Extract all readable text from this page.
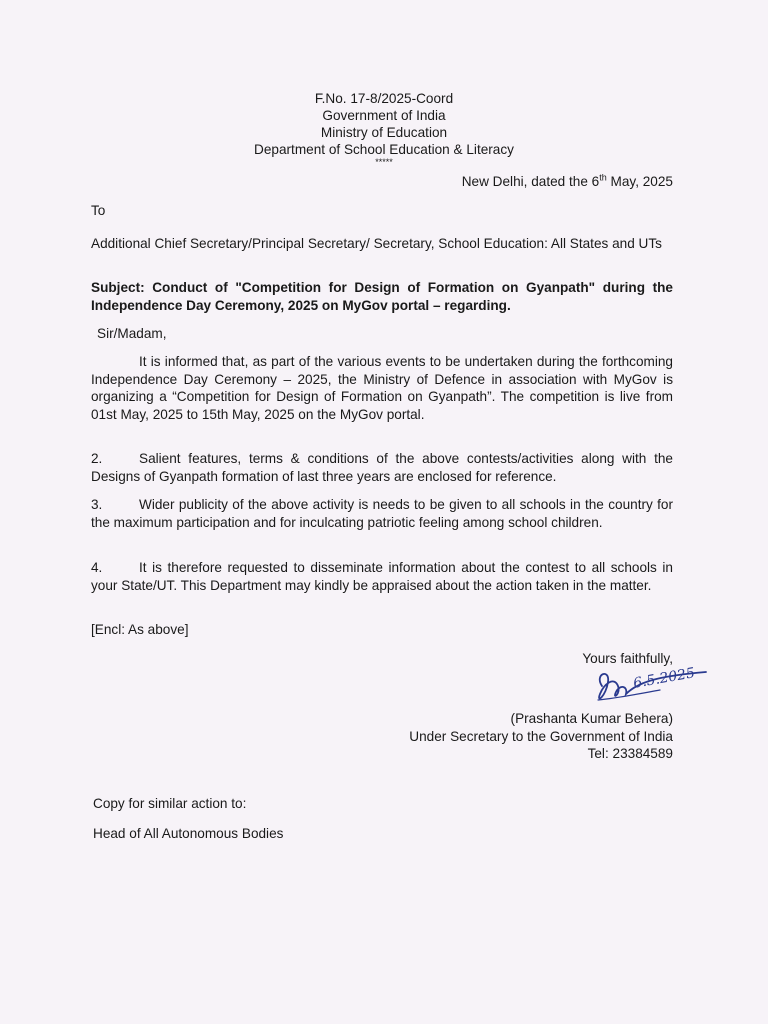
F.No. 17-8/2025-Coord
Government of India
Ministry of Education
Department of School Education & Literacy
*****
New Delhi, dated the 6th May, 2025
To
Additional Chief Secretary/Principal Secretary/ Secretary, School Education: All States and UTs
Subject: Conduct of "Competition for Design of Formation on Gyanpath" during the Independence Day Ceremony, 2025 on MyGov portal – regarding.
Sir/Madam,
It is informed that, as part of the various events to be undertaken during the forthcoming Independence Day Ceremony – 2025, the Ministry of Defence in association with MyGov is organizing a “Competition for Design of Formation on Gyanpath”. The competition is live from 01st May, 2025 to 15th May, 2025 on the MyGov portal.
2.	Salient features, terms & conditions of the above contests/activities along with the Designs of Gyanpath formation of last three years are enclosed for reference.
3.	Wider publicity of the above activity is needs to be given to all schools in the country for the maximum participation and for inculcating patriotic feeling among school children.
4.	It is therefore requested to disseminate information about the contest to all schools in your State/UT. This Department may kindly be appraised about the action taken in the matter.
[Encl: As above]
Yours faithfully,
6.5.2025
(Prashanta Kumar Behera)
Under Secretary to the Government of India
Tel: 23384589
Copy for similar action to:
Head of All Autonomous Bodies
